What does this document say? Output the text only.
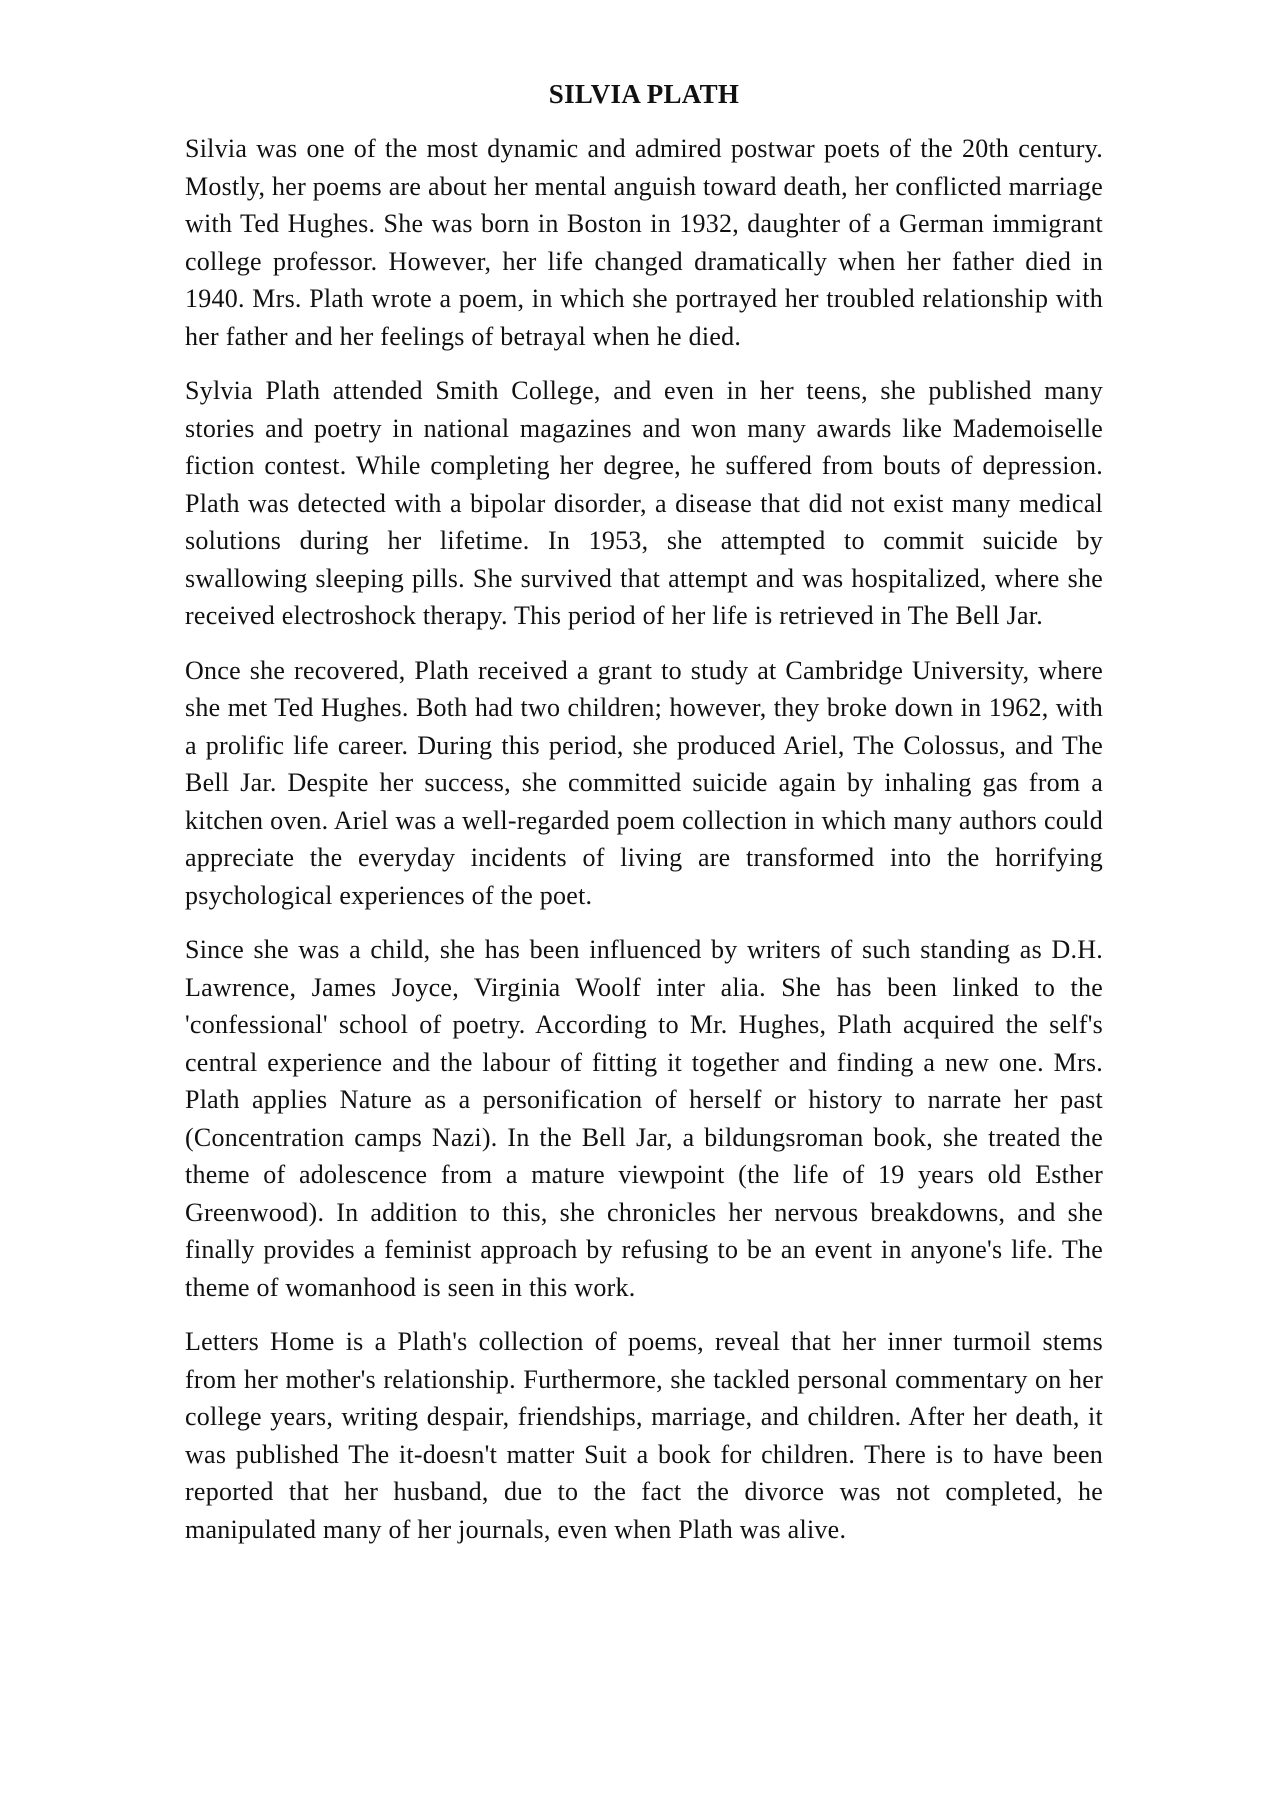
SILVIA PLATH

Silvia was one of the most dynamic and admired postwar poets of the 20th century. Mostly, her poems are about her mental anguish toward death, her conflicted marriage with Ted Hughes. She was born in Boston in 1932, daughter of a German immigrant college professor. However, her life changed dramatically when her father died in 1940. Mrs. Plath wrote a poem, in which she portrayed her troubled relationship with her father and her feelings of betrayal when he died.

Sylvia Plath attended Smith College, and even in her teens, she published many stories and poetry in national magazines and won many awards like Mademoiselle fiction contest. While completing her degree, he suffered from bouts of depression. Plath was detected with a bipolar disorder, a disease that did not exist many medical solutions during her lifetime. In 1953, she attempted to commit suicide by swallowing sleeping pills. She survived that attempt and was hospitalized, where she received electroshock therapy. This period of her life is retrieved in The Bell Jar.

Once she recovered, Plath received a grant to study at Cambridge University, where she met Ted Hughes. Both had two children; however, they broke down in 1962, with a prolific life career. During this period, she produced Ariel, The Colossus, and The Bell Jar. Despite her success, she committed suicide again by inhaling gas from a kitchen oven. Ariel was a well-regarded poem collection in which many authors could appreciate the everyday incidents of living are transformed into the horrifying psychological experiences of the poet.

Since she was a child, she has been influenced by writers of such standing as D.H. Lawrence, James Joyce, Virginia Woolf inter alia. She has been linked to the 'confessional' school of poetry. According to Mr. Hughes, Plath acquired the self's central experience and the labour of fitting it together and finding a new one. Mrs. Plath applies Nature as a personification of herself or history to narrate her past (Concentration camps Nazi). In the Bell Jar, a bildungsroman book, she treated the theme of adolescence from a mature viewpoint (the life of 19 years old Esther Greenwood). In addition to this, she chronicles her nervous breakdowns, and she finally provides a feminist approach by refusing to be an event in anyone's life. The theme of womanhood is seen in this work.

Letters Home is a Plath's collection of poems, reveal that her inner turmoil stems from her mother's relationship. Furthermore, she tackled personal commentary on her college years, writing despair, friendships, marriage, and children. After her death, it was published The it-doesn't matter Suit a book for children. There is to have been reported that her husband, due to the fact the divorce was not completed, he manipulated many of her journals, even when Plath was alive.
